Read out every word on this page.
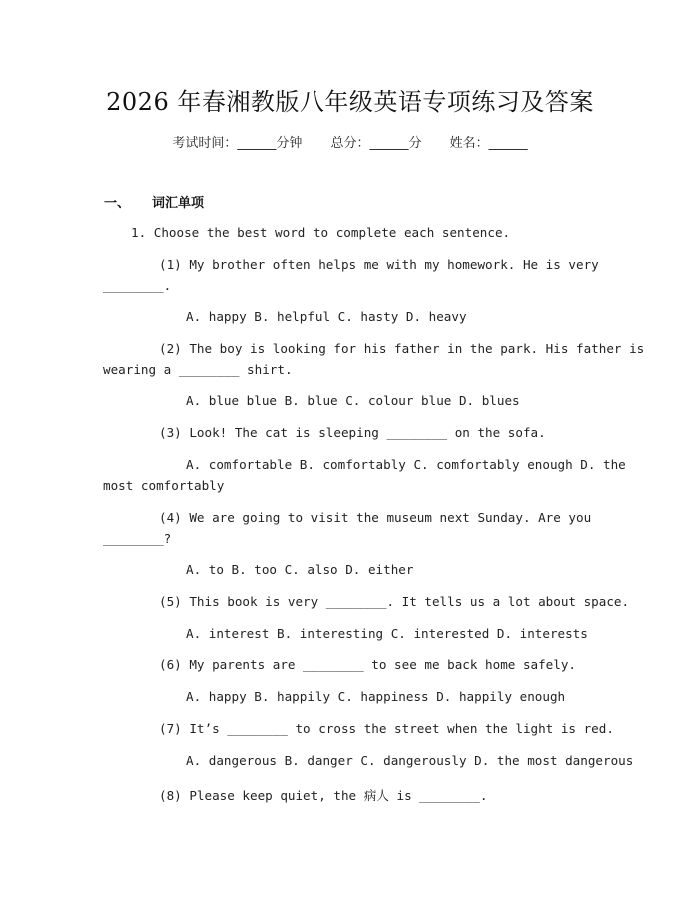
2026 年春湘教版八年级英语专项练习及答案
考试时间：______分钟 总分：______分 姓名：______
一、 词汇单项
1. Choose the best word to complete each sentence.
(1) My brother often helps me with my homework. He is very
________.
A. happy B. helpful C. hasty D. heavy
(2) The boy is looking for his father in the park. His father is
wearing a ________ shirt.
A. blue blue B. blue C. colour blue D. blues
(3) Look! The cat is sleeping ________ on the sofa.
A. comfortable B. comfortably C. comfortably enough D. the
most comfortably
(4) We are going to visit the museum next Sunday. Are you
________?
A. to B. too C. also D. either
(5) This book is very ________. It tells us a lot about space.
A. interest B. interesting C. interested D. interests
(6) My parents are ________ to see me back home safely.
A. happy B. happily C. happiness D. happily enough
(7) It’s ________ to cross the street when the light is red.
A. dangerous B. danger C. dangerously D. the most dangerous
(8) Please keep quiet, the 病人 is ________.
